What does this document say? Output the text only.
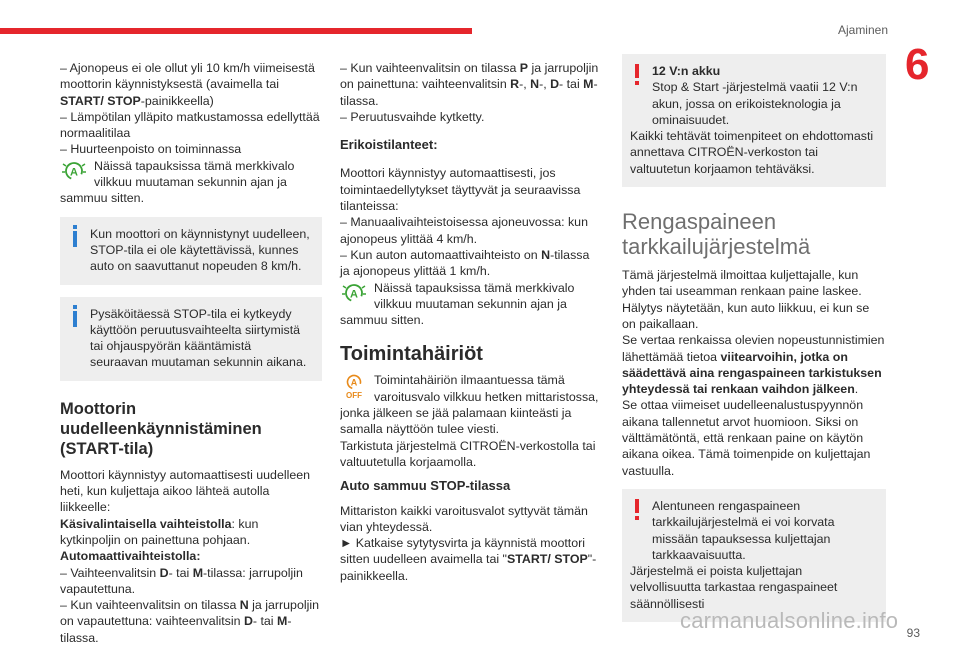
Ajaminen
6

– Ajonopeus ei ole ollut yli 10 km/h viimeisestä moottorin käynnistyksestä (avaimella tai START/ STOP-painikkeella)

– Lämpötilan ylläpito matkustamossa edellyttää normaalitilaa

– Huurteenpoisto on toiminnassa

A	Näissä tapauksissa tämä merkkivalo vilkkuu muutaman sekunnin ajan ja sammuu sitten.

Kun moottori on käynnistynyt uudelleen, STOP-tila ei ole käytettävissä, kunnes auto on saavuttanut nopeuden 8 km/h.

Pysäköitäessä STOP-tila ei kytkeydy käyttöön peruutusvaihteelta siirtymistä tai ohjauspyörän kääntämistä seuraavan muutaman sekunnin aikana.

Moottorin uudelleenkäynnistäminen (START-tila)

Moottori käynnistyy automaattisesti uudelleen heti, kun kuljettaja aikoo lähteä autolla liikkeelle:

Käsivalintaisella vaihteistolla: kun kytkinpoljin on painettuna pohjaan.

Automaattivaihteistolla:

– Vaihteenvalitsin D- tai M-tilassa: jarrupoljin vapautettuna.

– Kun vaihteenvalitsin on tilassa N ja jarrupoljin on vapautettuna: vaihteenvalitsin D- tai M-tilassa.

– Kun vaihteenvalitsin on tilassa P ja jarrupoljin on painettuna: vaihteenvalitsin R-, N-, D- tai M-tilassa.

– Peruutusvaihde kytketty.

Erikoistilanteet:

Moottori käynnistyy automaattisesti, jos toimintaedellytykset täyttyvät ja seuraavissa tilanteissa:

– Manuaalivaihteistoisessa ajoneuvossa: kun ajonopeus ylittää 4 km/h.

– Kun auton automaattivaihteisto on N-tilassa ja ajonopeus ylittää 1 km/h.

A	Näissä tapauksissa tämä merkkivalo vilkkuu muutaman sekunnin ajan ja sammuu sitten.

Toimintahäiriöt

A
OFF

Toimintahäiriön ilmaantuessa tämä varoitusvalo vilkkuu hetken mittaristossa, jonka jälkeen se jää palamaan kiinteästi ja samalla näyttöön tulee viesti.

Tarkistuta järjestelmä CITROËN-verkostolla tai valtuutetulla korjaamolla.

Auto sammuu STOP-tilassa

Mittariston kaikki varoitusvalot syttyvät tämän vian yhteydessä.

► Katkaise sytytysvirta ja käynnistä moottori sitten uudelleen avaimella tai "START/ STOP"-painikkeella.

12 V:n akku

Stop & Start -järjestelmä vaatii 12 V:n akun, jossa on erikoisteknologia ja ominaisuudet.

Kaikki tehtävät toimenpiteet on ehdottomasti annettava CITROËN-verkoston tai valtuutetun korjaamon tehtäväksi.

Rengaspaineen tarkkailujärjestelmä

Tämä järjestelmä ilmoittaa kuljettajalle, kun yhden tai useamman renkaan paine laskee.

Hälytys näytetään, kun auto liikkuu, ei kun se on paikallaan.

Se vertaa renkaissa olevien nopeustunnistimien lähettämää tietoa viitearvoihin, jotka on säädettävä aina rengaspaineen tarkistuksen yhteydessä tai renkaan vaihdon jälkeen.

Se ottaa viimeiset uudelleenalustuspyynnön aikana tallennetut arvot huomioon. Siksi on välttämätöntä, että renkaan paine on käytön aikana oikea. Tämä toimenpide on kuljettajan vastuulla.

Alentuneen rengaspaineen tarkkailujärjestelmä ei voi korvata missään tapauksessa kuljettajan tarkkaavaisuutta.

Järjestelmä ei poista kuljettajan velvollisuutta tarkastaa rengaspaineet säännöllisesti

carmanualsonline.info 93
